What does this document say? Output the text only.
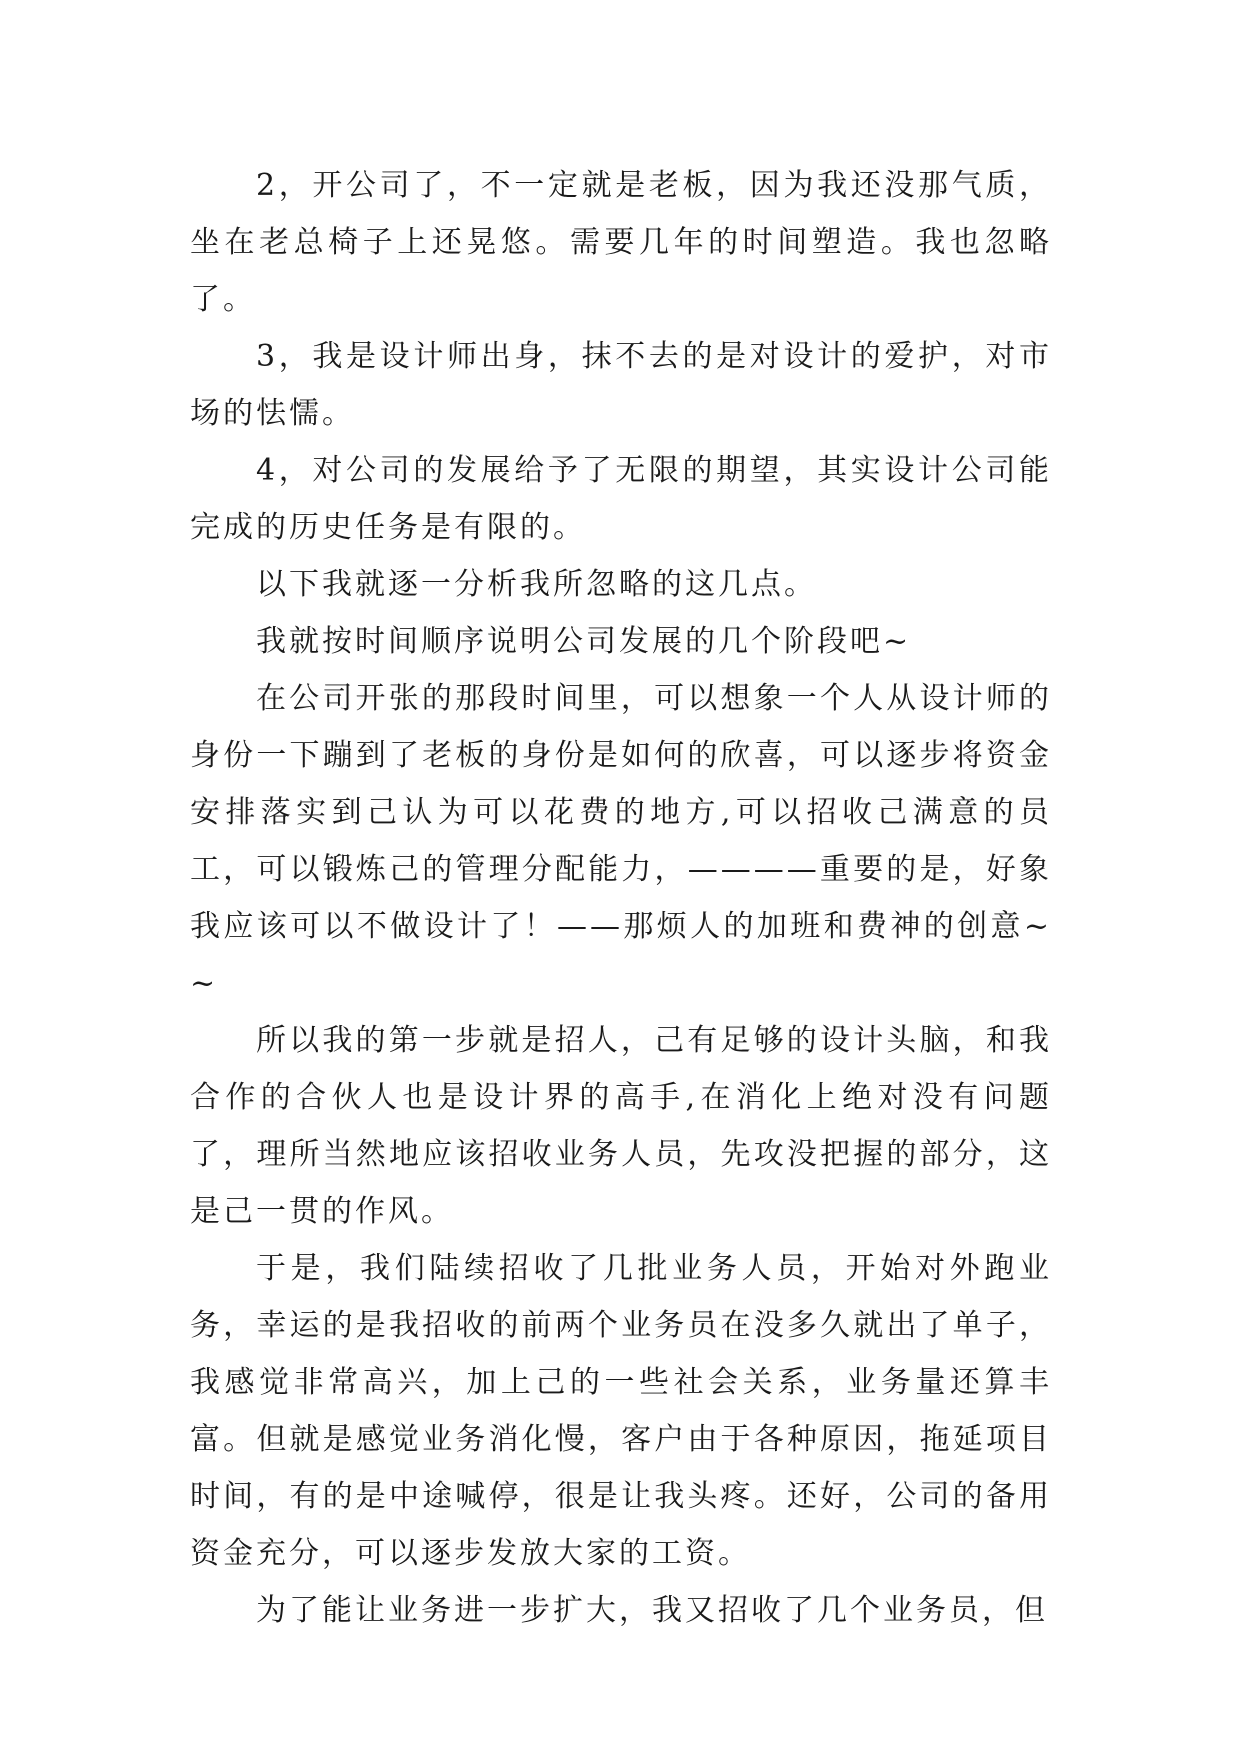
2，开公司了，不一定就是老板，因为我还没那气质，坐在老总椅子上还晃悠。需要几年的时间塑造。我也忽略了。

3，我是设计师出身，抹不去的是对设计的爱护，对市场的怯懦。

4，对公司的发展给予了无限的期望，其实设计公司能完成的历史任务是有限的。

以下我就逐一分析我所忽略的这几点。

我就按时间顺序说明公司发展的几个阶段吧~

在公司开张的那段时间里，可以想象一个人从设计师的身份一下蹦到了老板的身份是如何的欣喜，可以逐步将资金安排落实到己认为可以花费的地方,可以招收己满意的员工，可以锻炼己的管理分配能力，————重要的是，好象我应该可以不做设计了！——那烦人的加班和费神的创意~~

所以我的第一步就是招人，己有足够的设计头脑，和我合作的合伙人也是设计界的高手,在消化上绝对没有问题了，理所当然地应该招收业务人员，先攻没把握的部分，这是己一贯的作风。

于是，我们陆续招收了几批业务人员，开始对外跑业务，幸运的是我招收的前两个业务员在没多久就出了单子，我感觉非常高兴，加上己的一些社会关系，业务量还算丰富。但就是感觉业务消化慢，客户由于各种原因，拖延项目时间，有的是中途喊停，很是让我头疼。还好，公司的备用资金充分，可以逐步发放大家的工资。

为了能让业务进一步扩大，我又招收了几个业务员，但
